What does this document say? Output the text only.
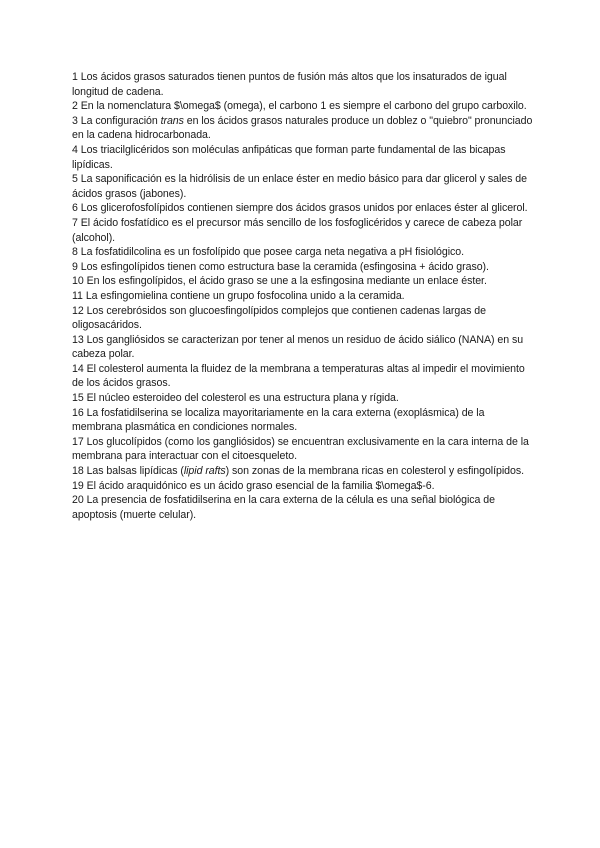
1 Los ácidos grasos saturados tienen puntos de fusión más altos que los insaturados de igual longitud de cadena.

2 En la nomenclatura $\omega$ (omega), el carbono 1 es siempre el carbono del grupo carboxilo.

3 La configuración trans en los ácidos grasos naturales produce un doblez o "quiebro" pronunciado en la cadena hidrocarbonada.

4 Los triacilglicéridos son moléculas anfipáticas que forman parte fundamental de las bicapas lipídicas.

5 La saponificación es la hidrólisis de un enlace éster en medio básico para dar glicerol y sales de ácidos grasos (jabones).

6 Los glicerofosfolípidos contienen siempre dos ácidos grasos unidos por enlaces éster al glicerol.

7 El ácido fosfatídico es el precursor más sencillo de los fosfoglicéridos y carece de cabeza polar (alcohol).

8 La fosfatidilcolina es un fosfolípido que posee carga neta negativa a pH fisiológico.

9 Los esfingolípidos tienen como estructura base la ceramida (esfingosina + ácido graso).

10 En los esfingolípidos, el ácido graso se une a la esfingosina mediante un enlace éster.

11 La esfingomielina contiene un grupo fosfocolina unido a la ceramida.

12 Los cerebrósidos son glucoesfingolípidos complejos que contienen cadenas largas de oligosacáridos.

13 Los gangliósidos se caracterizan por tener al menos un residuo de ácido siálico (NANA) en su cabeza polar.

14 El colesterol aumenta la fluidez de la membrana a temperaturas altas al impedir el movimiento de los ácidos grasos.

15 El núcleo esteroideo del colesterol es una estructura plana y rígida.

16 La fosfatidilserina se localiza mayoritariamente en la cara externa (exoplásmica) de la membrana plasmática en condiciones normales.

17 Los glucolípidos (como los gangliósidos) se encuentran exclusivamente en la cara interna de la membrana para interactuar con el citoesqueleto.

18 Las balsas lipídicas (lipid rafts) son zonas de la membrana ricas en colesterol y esfingolípidos.

19 El ácido araquidónico es un ácido graso esencial de la familia $\omega$-6.

20 La presencia de fosfatidilserina en la cara externa de la célula es una señal biológica de apoptosis (muerte celular).
